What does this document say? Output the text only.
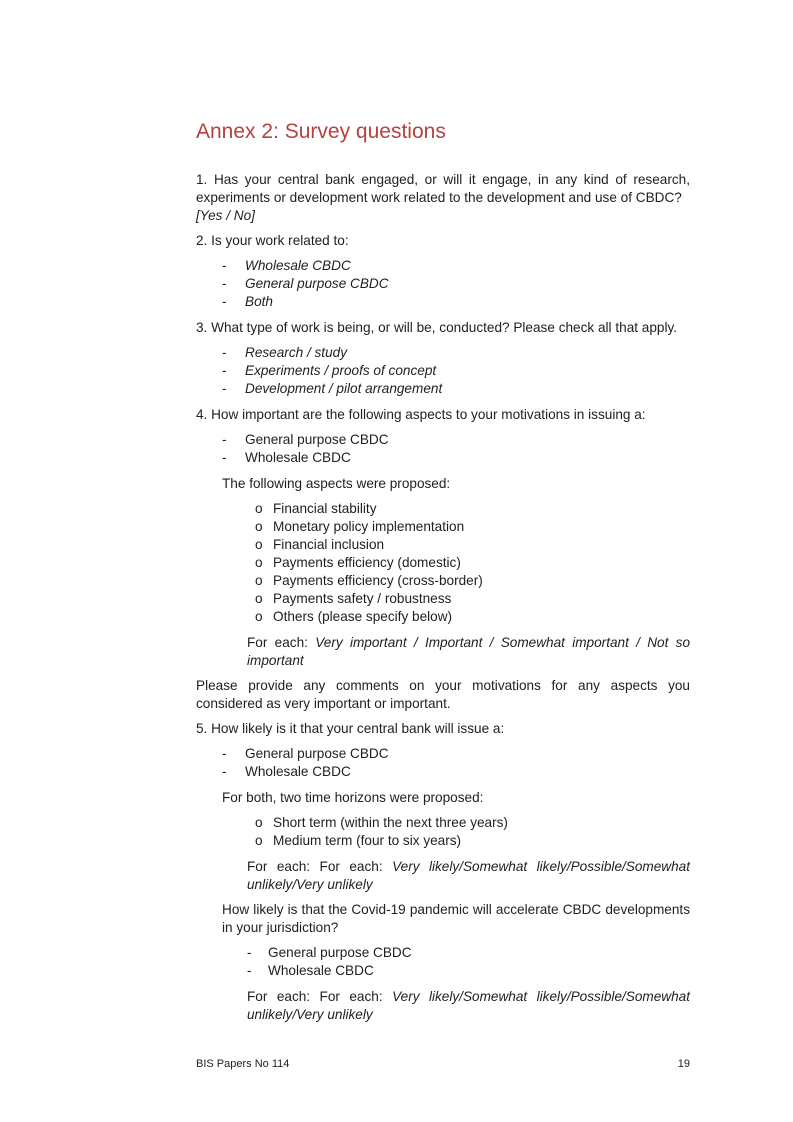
Annex 2: Survey questions

1. Has your central bank engaged, or will it engage, in any kind of research, experiments or development work related to the development and use of CBDC?

[Yes / No]

2. Is your work related to:

- Wholesale CBDC
- General purpose CBDC
- Both

3. What type of work is being, or will be, conducted? Please check all that apply.

- Research / study
- Experiments / proofs of concept
- Development / pilot arrangement

4. How important are the following aspects to your motivations in issuing a:

- General purpose CBDC
- Wholesale CBDC

The following aspects were proposed:

o Financial stability
o Monetary policy implementation
o Financial inclusion
o Payments efficiency (domestic)
o Payments efficiency (cross-border)
o Payments safety / robustness
o Others (please specify below)

For each: Very important / Important / Somewhat important / Not so important

Please provide any comments on your motivations for any aspects you considered as very important or important.

5. How likely is it that your central bank will issue a:

- General purpose CBDC
- Wholesale CBDC

For both, two time horizons were proposed:

o Short term (within the next three years)
o Medium term (four to six years)

For each: For each: Very likely/Somewhat likely/Possible/Somewhat unlikely/Very unlikely

How likely is that the Covid-19 pandemic will accelerate CBDC developments in your jurisdiction?

- General purpose CBDC
- Wholesale CBDC

For each: For each: Very likely/Somewhat likely/Possible/Somewhat unlikely/Very unlikely

BIS Papers No 114	19
